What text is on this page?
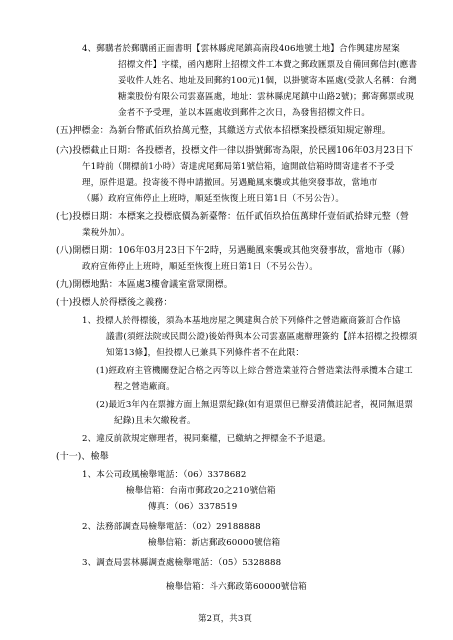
4、郵購者於郵購函正面書明【雲林縣虎尾鎮高南段406地號土地】合作興建房屋案
招標文件】字樣，函內應附上招標文件工本費之郵政匯票及自備回郵信封(應書
妥收件人姓名、地址及回郵約100元)1個，以掛號寄本區處(受款人名稱：台灣
糖業股份有限公司雲嘉區處，地址：雲林縣虎尾鎮中山路2號)；郵寄郵票或現
金者不予受理，並以本區處收到郵件之次日，為發售招標文件日。
(五)押標金：為新台幣貳佰玖拾萬元整，其繳送方式依本招標案投標須知規定辦理。
(六)投標截止日期：各投標者，投標文件一律以掛號郵寄為限，於民國106年03月23日下
午1時前（開標前1小時）寄達虎尾郵局第1號信箱，逾開啟信箱時間寄達者不予受
理，原件退還。投寄後不得申請撤回。另遇颱風來襲或其他突發事故，當地市
（縣）政府宣佈停止上班時，順延至恢復上班日第1日（不另公告）。
(七)投標日期：本標案之投標底價為新臺幣：伍仟貳佰玖拾伍萬肆仟壹佰貳拾肆元整（營
業稅外加）。
(八)開標日期：106年03月23日下午2時，另遇颱風來襲或其他突發事故，當地市（縣）
政府宣佈停止上班時，順延至恢復上班日第1日（不另公告）。
(九)開標地點：本區處3樓會議室當眾開標。
(十)投標人於得標後之義務：
1、投標人於得標後，須為本基地房屋之興建與合於下列條件之營造廠商簽訂合作協
議書(須經法院或民間公證)後始得與本公司雲嘉區處辦理簽約【詳本招標之投標須
知第13條】，但投標人已兼具下列條件者不在此限：
(1)經政府主管機關登記合格之丙等以上綜合營造業並符合營造業法得承攬本合建工
程之營造廠商。
(2)最近3年內在票據方面上無退票紀錄(如有退票但已辦妥清償註記者，視同無退票
紀錄)且未欠繳稅者。
2、違反前款規定辦理者，視同棄權，已繳納之押標金不予退還。
(十一)、檢舉
1、本公司政風檢舉電話：（06）3378682
檢舉信箱：台南市郵政20之210號信箱
傳真：（06）3378519
2、法務部調查局檢舉電話：（02）29188888
檢舉信箱：新店郵政60000號信箱
3、調查局雲林縣調查處檢舉電話：（05）5328888
檢舉信箱：斗六郵政第60000號信箱
第2頁，共3頁
